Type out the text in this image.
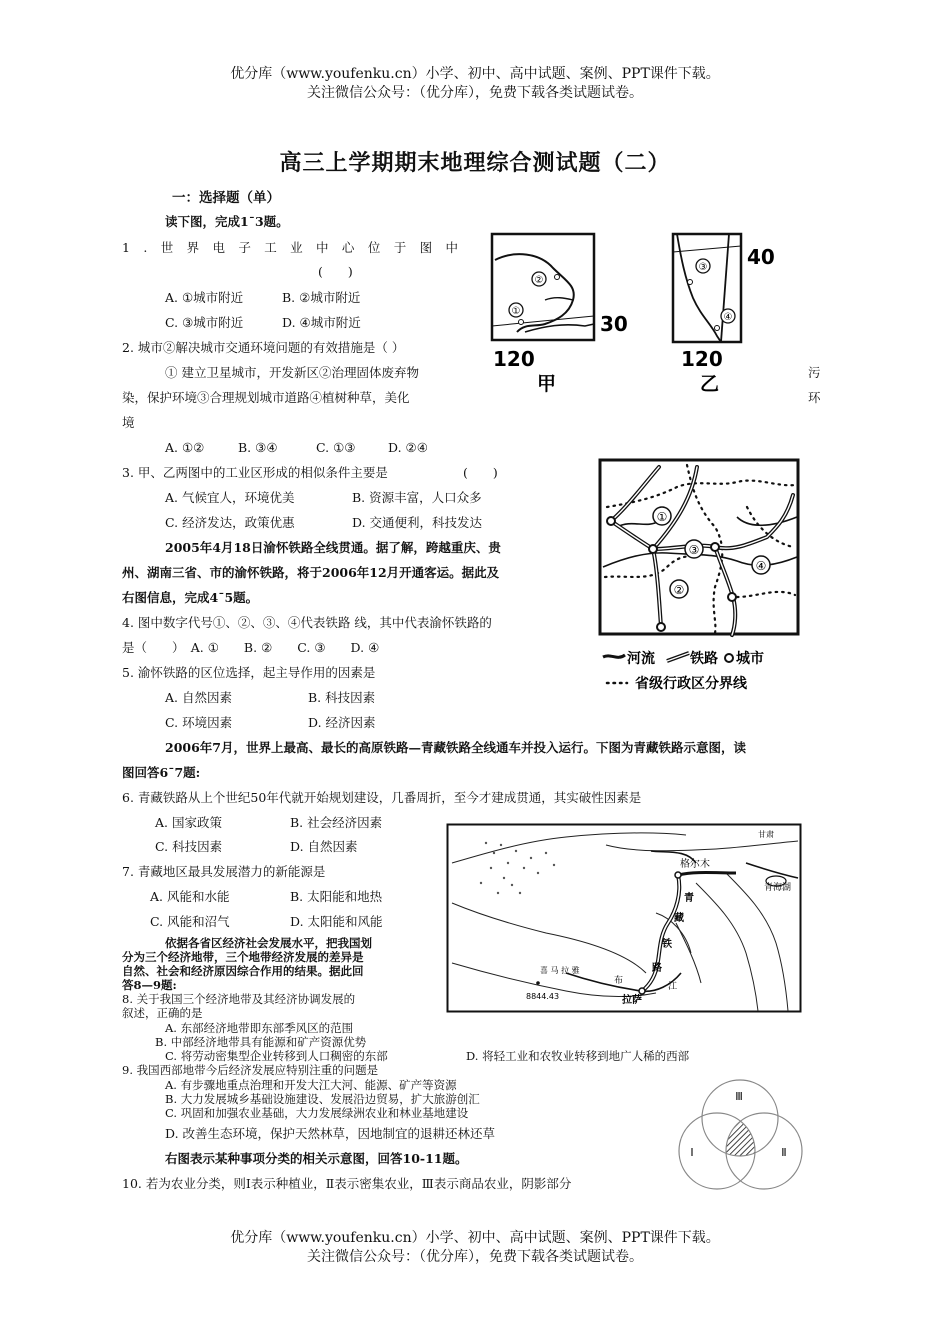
优分库（www.youfenku.cn）小学、初中、高中试题、案例、PPT课件下载。
关注微信公众号：（优分库），免费下载各类试题试卷。
高三上学期期末地理综合测试题（二）
一：选择题（单）
读下图，完成1¯3题。
1 . 世 界 电 子 工 业 中 心 位 于 图 中
(　　)
A. ①城市附近	B. ②城市附近
C. ③城市附近	D. ④城市附近
2. 城市②解决城市交通环境问题的有效措施是（ ）
① 建立卫星城市，开发新区②治理固体废弃物	污
染，保护环境③合理规划城市道路④植树种草，美化	环
境
A. ①②	B. ③④	C. ①③	D. ②④
3. 甲、乙两图中的工业区形成的相似条件主要是	(　　)
A. 气候宜人，环境优美	B. 资源丰富，人口众多
C. 经济发达，政策优惠	D. 交通便利，科技发达
2005年4月18日渝怀铁路全线贯通。据了解，跨越重庆、贵
州、湖南三省、市的渝怀铁路，将于2006年12月开通客运。据此及
右图信息，完成4¯5题。
4. 图中数字代号①、②、③、④代表铁路 线，其中代表渝怀铁路的
是（　　）　A. ①　　B. ②　　C. ③　　D. ④
5. 渝怀铁路的区位选择，起主导作用的因素是
A. 自然因素	B. 科技因素
C. 环境因素	D. 经济因素
2006年7月，世界上最高、最长的高原铁路—青藏铁路全线通车并投入运行。下图为青藏铁路示意图，读
图回答6¯7题:
6. 青藏铁路从上个世纪50年代就开始规划建设，几番周折，至今才建成贯通，其实破性因素是
A. 国家政策	B. 社会经济因素
C. 科技因素	D. 自然因素
7. 青藏地区最具发展潜力的新能源是
A. 风能和水能	B. 太阳能和地热
C. 风能和沼气	D. 太阳能和风能
依据各省区经济社会发展水平，把我国划
分为三个经济地带，三个地带经济发展的差异是
自然、社会和经济原因综合作用的结果。据此回
答8—9题:
8. 关于我国三个经济地带及其经济协调发展的
叙述，正确的是
A. 东部经济地带即东部季风区的范围
B. 中部经济地带具有能源和矿产资源优势
C. 将劳动密集型企业转移到人口稠密的东部	D. 将轻工业和农牧业转移到地广人稀的西部
9. 我国西部地带今后经济发展应特别注重的问题是
A. 有步骤地重点治理和开发大江大河、能源、矿产等资源
B. 大力发展城乡基础设施建设、发展沿边贸易，扩大旅游创汇
C. 巩固和加强农业基础，大力发展绿洲农业和林业基地建设
D. 改善生态环境，保护天然林草，因地制宜的退耕还林还草
右图表示某种事项分类的相关示意图，回答10-11题。
10. 若为农业分类，则Ⅰ表示种植业，Ⅱ表示密集农业，Ⅲ表示商品农业，阴影部分
优分库（www.youfenku.cn）小学、初中、高中试题、案例、PPT课件下载。
关注微信公众号：（优分库），免费下载各类试题试卷。
②
①
30
120
甲
③
④
40
120
乙
①
②
③
④
河流	铁路 城市
省级行政区分界线
格尔木
青海湖
甘肃
青
藏
铁
路
布
江
拉萨
喜 马 拉 雅
8844.43
Ⅲ
Ⅰ	Ⅱ
